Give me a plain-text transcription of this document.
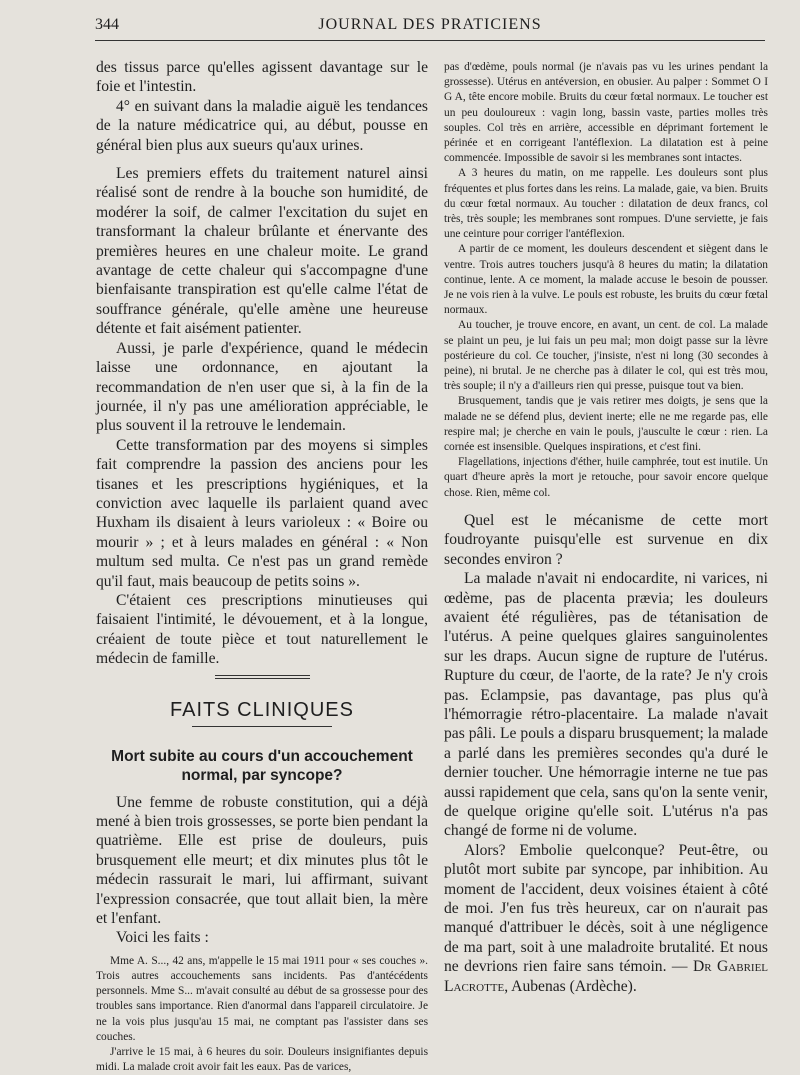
344	JOURNAL DES PRATICIENS

des tissus parce qu'elles agissent davantage sur le foie et l'intestin.

4° en suivant dans la maladie aiguë les tendances de la nature médicatrice qui, au début, pousse en général bien plus aux sueurs qu'aux urines.

Les premiers effets du traitement naturel ainsi réalisé sont de rendre à la bouche son humidité, de modérer la soif, de calmer l'excitation du sujet en transformant la chaleur brûlante et énervante des premières heures en une chaleur moite. Le grand avantage de cette chaleur qui s'accompagne d'une bienfaisante transpiration est qu'elle calme l'état de souffrance générale, qu'elle amène une heureuse détente et fait aisément patienter.

Aussi, je parle d'expérience, quand le médecin laisse une ordonnance, en ajoutant la recommandation de n'en user que si, à la fin de la journée, il n'y pas une amélioration appréciable, le plus souvent il la retrouve le lendemain.

Cette transformation par des moyens si simples fait comprendre la passion des anciens pour les tisanes et les prescriptions hygiéniques, et la conviction avec laquelle ils parlaient quand avec Huxham ils disaient à leurs varioleux : « Boire ou mourir » ; et à leurs malades en général : « Non multum sed multa. Ce n'est pas un grand remède qu'il faut, mais beaucoup de petits soins ».

C'étaient ces prescriptions minutieuses qui faisaient l'intimité, le dévouement, et à la longue, créaient de toute pièce et tout naturellement le médecin de famille.

FAITS CLINIQUES
Mort subite au cours d'un accouchement normal, par syncope?

Une femme de robuste constitution, qui a déjà mené à bien trois grossesses, se porte bien pendant la quatrième. Elle est prise de douleurs, puis brusquement elle meurt; et dix minutes plus tôt le médecin rassurait le mari, lui affirmant, suivant l'expression consacrée, que tout allait bien, la mère et l'enfant.

Voici les faits :

Mme A. S..., 42 ans, m'appelle le 15 mai 1911 pour « ses couches ». Trois autres accouchements sans incidents. Pas d'antécédents personnels. Mme S... m'avait consulté au début de sa grossesse pour des troubles sans importance. Rien d'anormal dans l'appareil circulatoire. Je ne la vois plus jusqu'au 15 mai, ne comptant pas l'assister dans ses couches.

J'arrive le 15 mai, à 6 heures du soir. Douleurs insignifiantes depuis midi. La malade croit avoir fait les eaux. Pas de varices,

pas d'œdème, pouls normal (je n'avais pas vu les urines pendant la grossesse). Utérus en antéversion, en obusier. Au palper : Sommet O I G A, tête encore mobile. Bruits du cœur fœtal normaux. Le toucher est un peu douloureux : vagin long, bassin vaste, parties molles très souples. Col très en arrière, accessible en déprimant fortement le périnée et en corrigeant l'antéflexion. La dilatation est à peine commencée. Impossible de savoir si les membranes sont intactes.

A 3 heures du matin, on me rappelle. Les douleurs sont plus fréquentes et plus fortes dans les reins. La malade, gaie, va bien. Bruits du cœur fœtal normaux. Au toucher : dilatation de deux francs, col très, très souple; les membranes sont rompues. D'une serviette, je fais une ceinture pour corriger l'antéflexion.

A partir de ce moment, les douleurs descendent et siègent dans le ventre. Trois autres touchers jusqu'à 8 heures du matin; la dilatation continue, lente. A ce moment, la malade accuse le besoin de pousser. Je ne vois rien à la vulve. Le pouls est robuste, les bruits du cœur fœtal normaux.

Au toucher, je trouve encore, en avant, un cent. de col. La malade se plaint un peu, je lui fais un peu mal; mon doigt passe sur la lèvre postérieure du col. Ce toucher, j'insiste, n'est ni long (30 secondes à peine), ni brutal. Je ne cherche pas à dilater le col, qui est très mou, très souple; il n'y a d'ailleurs rien qui presse, puisque tout va bien.

Brusquement, tandis que je vais retirer mes doigts, je sens que la malade ne se défend plus, devient inerte; elle ne me regarde pas, elle respire mal; je cherche en vain le pouls, j'ausculte le cœur : rien. La cornée est insensible. Quelques inspirations, et c'est fini.

Flagellations, injections d'éther, huile camphrée, tout est inutile. Un quart d'heure après la mort je retouche, pour savoir encore quelque chose. Rien, même col.

Quel est le mécanisme de cette mort foudroyante puisqu'elle est survenue en dix secondes environ ?

La malade n'avait ni endocardite, ni varices, ni œdème, pas de placenta prævia; les douleurs avaient été régulières, pas de tétanisation de l'utérus. A peine quelques glaires sanguinolentes sur les draps. Aucun signe de rupture de l'utérus. Rupture du cœur, de l'aorte, de la rate? Je n'y crois pas. Eclampsie, pas davantage, pas plus qu'à l'hémorragie rétro-placentaire. La malade n'avait pas pâli. Le pouls a disparu brusquement; la malade a parlé dans les premières secondes qu'a duré le dernier toucher. Une hémorragie interne ne tue pas aussi rapidement que cela, sans qu'on la sente venir, de quelque origine qu'elle soit. L'utérus n'a pas changé de forme ni de volume.

Alors? Embolie quelconque? Peut-être, ou plutôt mort subite par syncope, par inhibition. Au moment de l'accident, deux voisines étaient à côté de moi. J'en fus très heureux, car on n'aurait pas manqué d'attribuer le décès, soit à une négligence de ma part, soit à une maladroite brutalité. Et nous ne devrions rien faire sans témoin. — Dr Gabriel Lacrotte, Aubenas (Ardèche).
